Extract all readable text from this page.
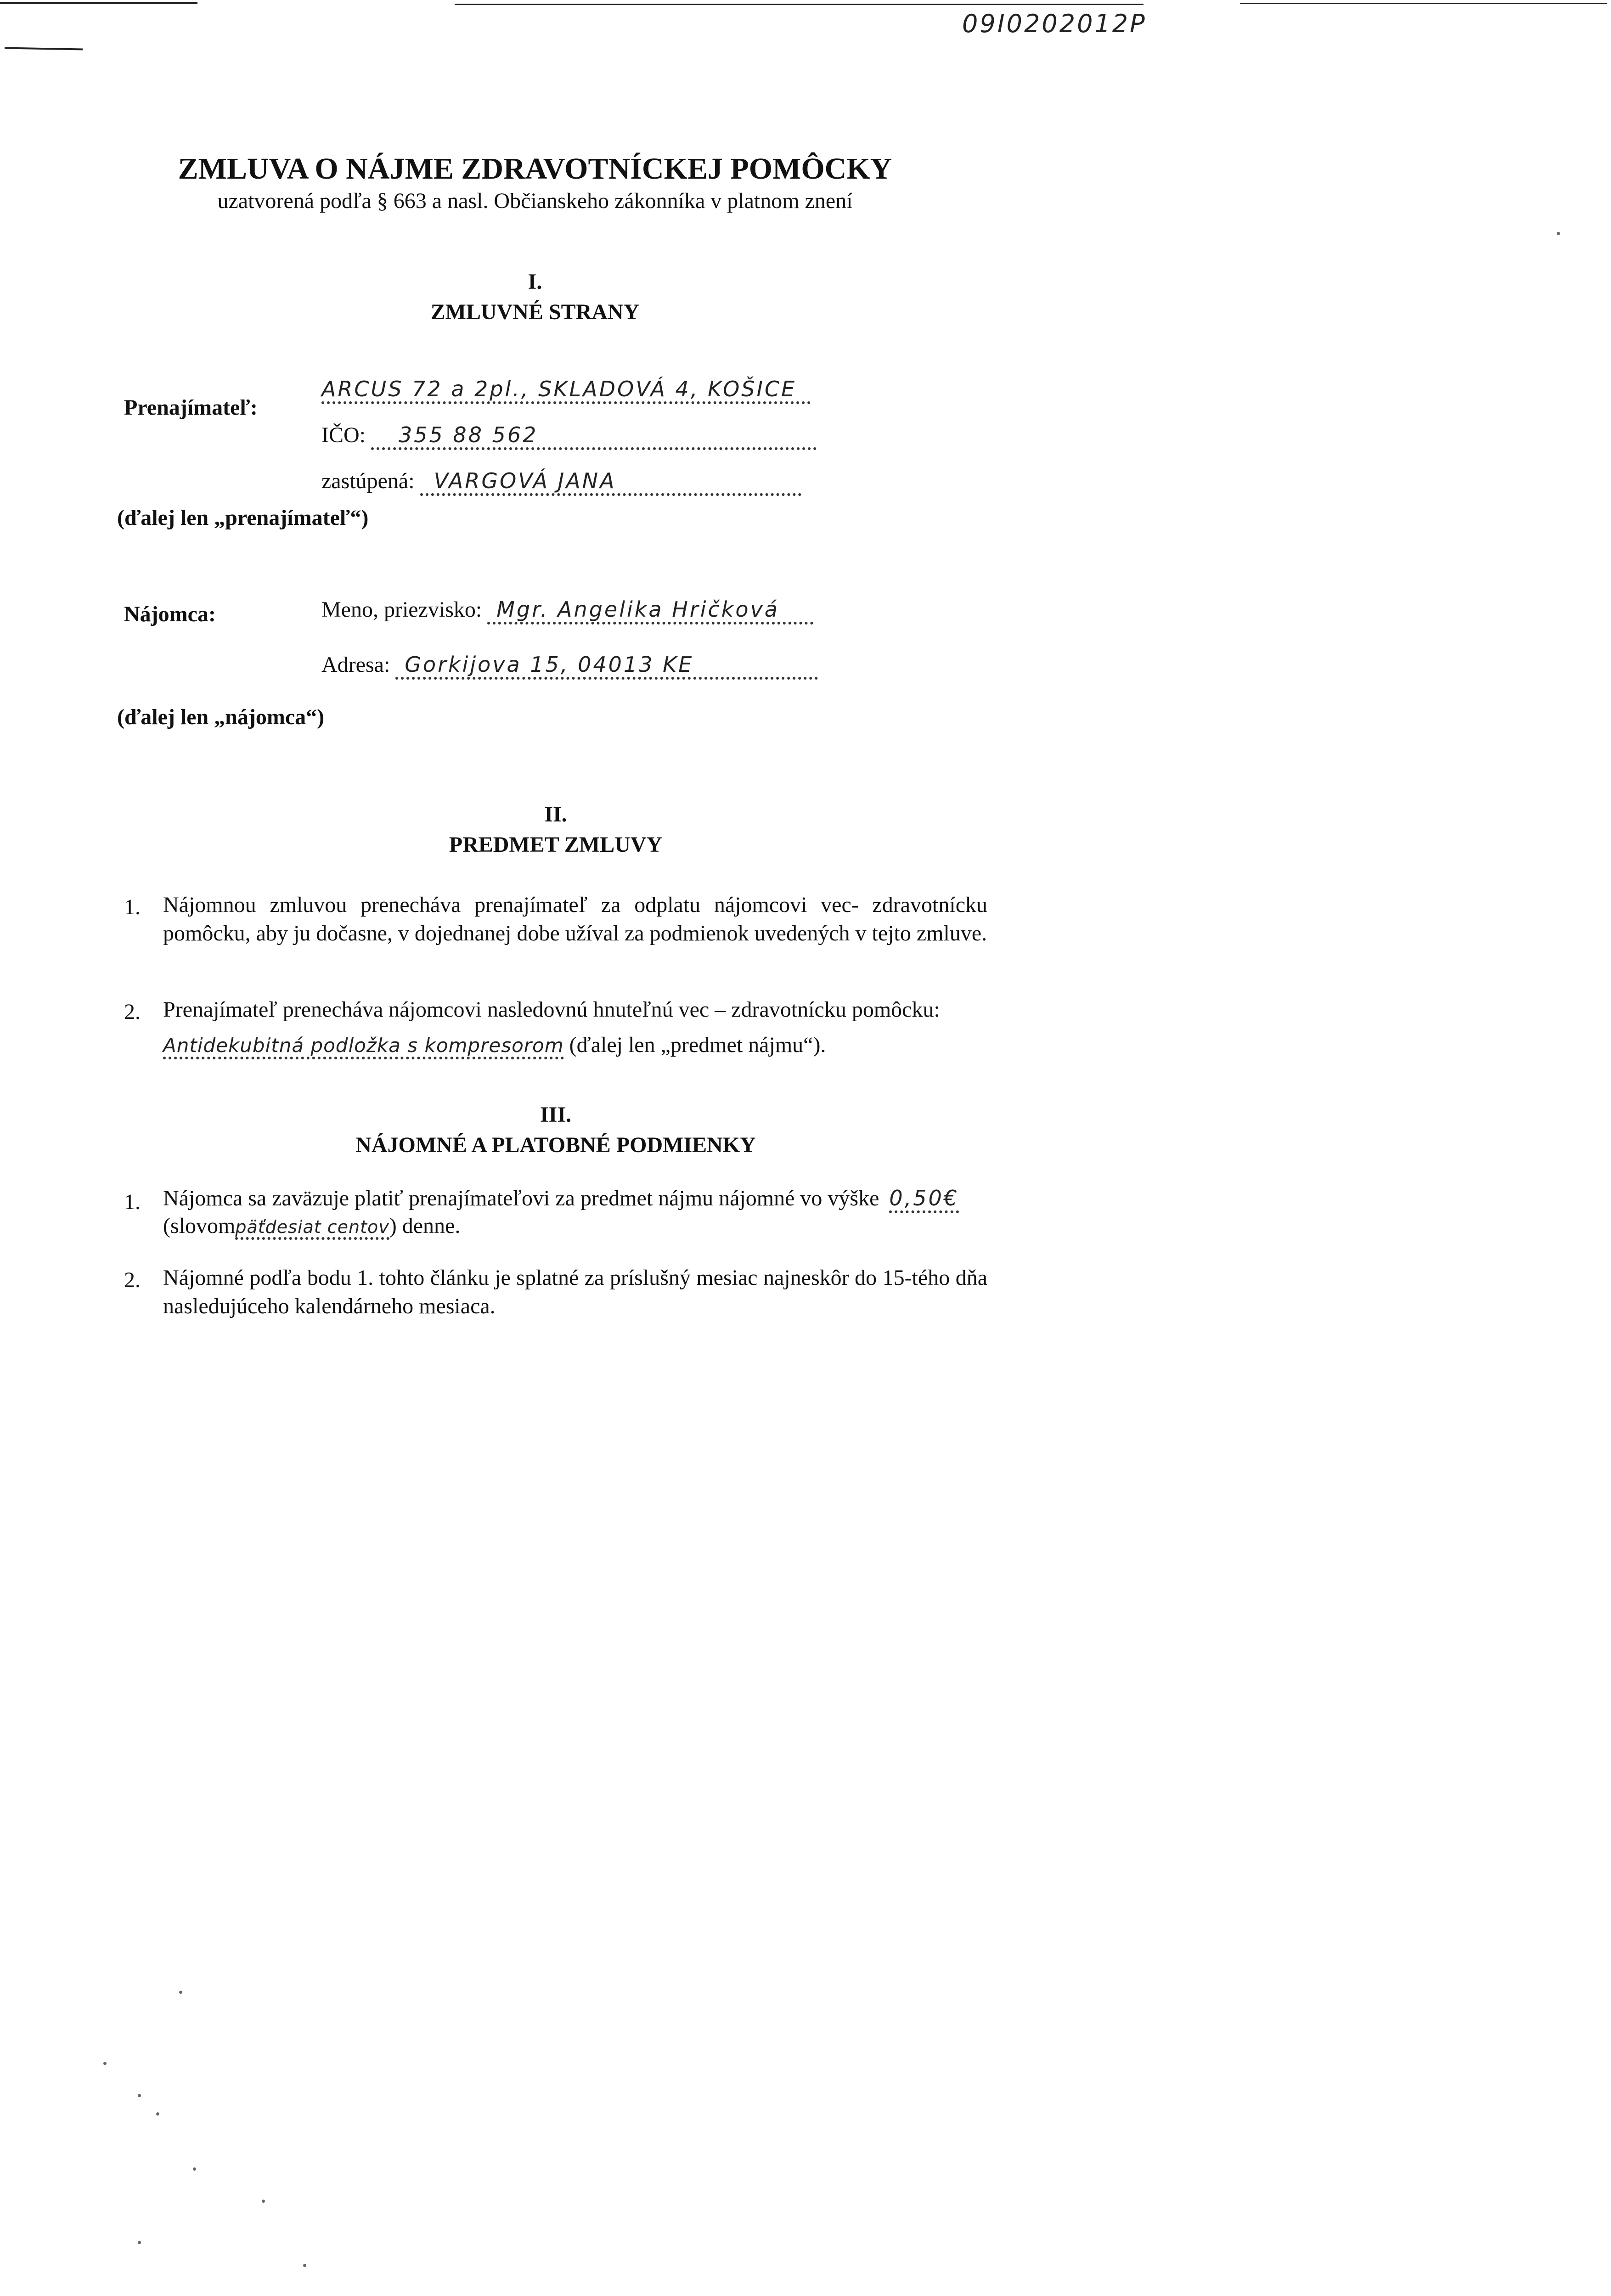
09I0202012P
ZMLUVA O NÁJME ZDRAVOTNÍCKEJ POMÔCKY
uzatvorená podľa § 663 a nasl. Občianskeho zákonníka v platnom znení
I.
ZMLUVNÉ STRANY
Prenajímateľ:
ARCUS 72 a 2pl., SKLADOVÁ 4, KOŠICE
IČO: 355 88 562
zastúpená: VARGOVÁ JANA
(ďalej len „prenajímateľ“)
Nájomca:	Meno, priezvisko: Mgr. Angelika Hričková
Adresa: Gorkijova 15, 04013 KE
(ďalej len „nájomca“)
II.
PREDMET ZMLUVY
1. Nájomnou zmluvou prenecháva prenajímateľ za odplatu nájomcovi vec- zdravotnícku pomôcku, aby ju dočasne, v dojednanej dobe užíval za podmienok uvedených v tejto zmluve.
2. Prenajímateľ prenecháva nájomcovi nasledovnú hnuteľnú vec – zdravotnícku pomôcku:
Antidekubitná podložka s kompresorom (ďalej len „predmet nájmu“).
III.
NÁJOMNÉ A PLATOBNÉ PODMIENKY
1. Nájomca sa zaväzuje platiť prenajímateľovi za predmet nájmu nájomné vo výške 0,50€
(slovompäťdesiat centov) denne.
2. Nájomné podľa bodu 1. tohto článku je splatné za príslušný mesiac najneskôr do 15-tého dňa nasledujúceho kalendárneho mesiaca.
